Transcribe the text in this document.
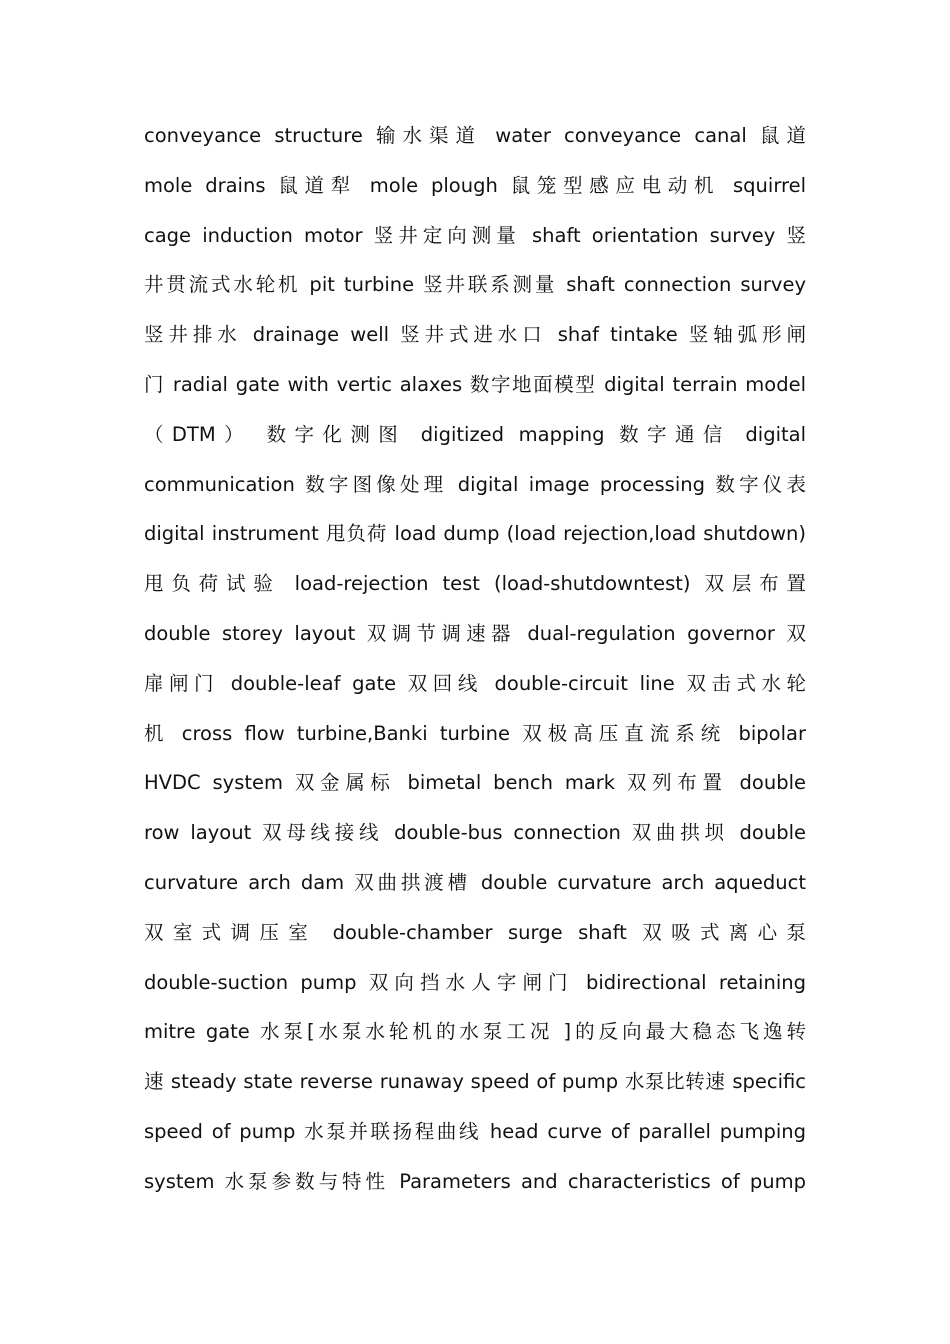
conveyance structure 输水渠道 water conveyance canal 鼠道
mole drains 鼠道犁 mole plough 鼠笼型感应电动机 squirrel
cage induction motor 竖井定向测量 shaft orientation survey 竖
井贯流式水轮机 pit turbine 竖井联系测量 shaft connection survey
竖井排水 drainage well 竖井式进水口 shaf tintake 竖轴弧形闸
门 radial gate with vertic alaxes 数字地面模型 digital terrain model
（DTM） 数字化测图 digitized mapping 数字通信 digital
communication 数字图像处理 digital image processing 数字仪表
digital instrument 甩负荷 load dump (load rejection,load shutdown)
甩负荷试验 load-rejection test (load-shutdowntest) 双层布置
double storey layout 双调节调速器 dual-regulation governor 双
扉闸门 double-leaf gate 双回线 double-circuit line 双击式水轮
机 cross flow turbine,Banki turbine 双极高压直流系统 bipolar
HVDC system 双金属标 bimetal bench mark 双列布置 double
row layout 双母线接线 double-bus connection 双曲拱坝 double
curvature arch dam 双曲拱渡槽 double curvature arch aqueduct
双室式调压室 double-chamber surge shaft 双吸式离心泵
double-suction pump 双向挡水人字闸门 bidirectional retaining
mitre gate 水泵[水泵水轮机的水泵工况 ]的反向最大稳态飞逸转
速 steady state reverse runaway speed of pump 水泵比转速 specific
speed of pump 水泵并联扬程曲线 head curve of parallel pumping
system 水泵参数与特性 Parameters and characteristics of pump
